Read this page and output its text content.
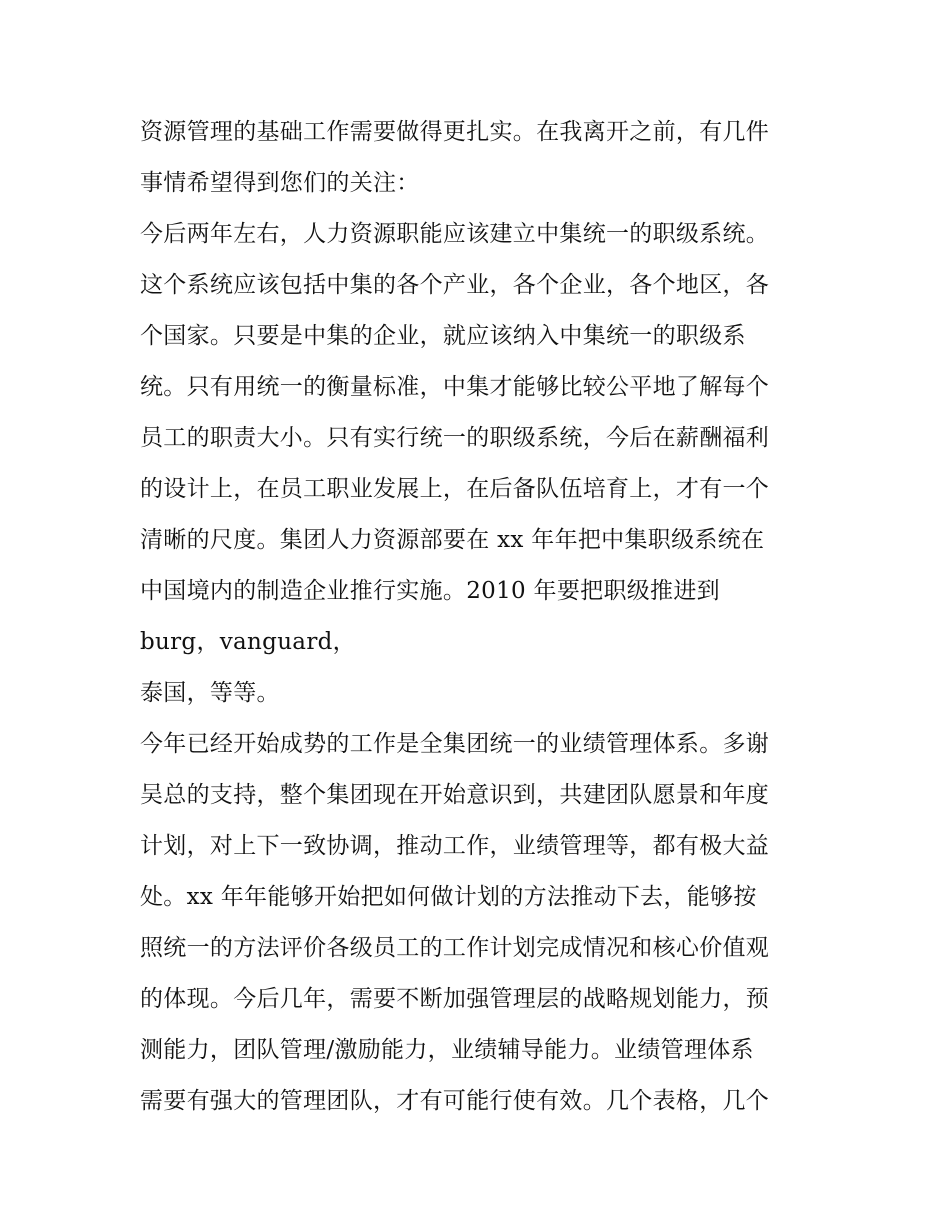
资源管理的基础工作需要做得更扎实。在我离开之前，有几件
事情希望得到您们的关注：
今后两年左右，人力资源职能应该建立中集统一的职级系统。
这个系统应该包括中集的各个产业，各个企业，各个地区，各
个国家。只要是中集的企业，就应该纳入中集统一的职级系
统。只有用统一的衡量标准，中集才能够比较公平地了解每个
员工的职责大小。只有实行统一的职级系统，今后在薪酬福利
的设计上，在员工职业发展上，在后备队伍培育上，才有一个
清晰的尺度。集团人力资源部要在 xx 年年把中集职级系统在
中国境内的制造企业推行实施。2010 年要把职级推进到
burg，vanguard，
泰国，等等。
今年已经开始成势的工作是全集团统一的业绩管理体系。多谢
吴总的支持，整个集团现在开始意识到，共建团队愿景和年度
计划，对上下一致协调，推动工作，业绩管理等，都有极大益
处。xx 年年能够开始把如何做计划的方法推动下去，能够按
照统一的方法评价各级员工的工作计划完成情况和核心价值观
的体现。今后几年，需要不断加强管理层的战略规划能力，预
测能力，团队管理/激励能力，业绩辅导能力。业绩管理体系
需要有强大的管理团队，才有可能行使有效。几个表格，几个
